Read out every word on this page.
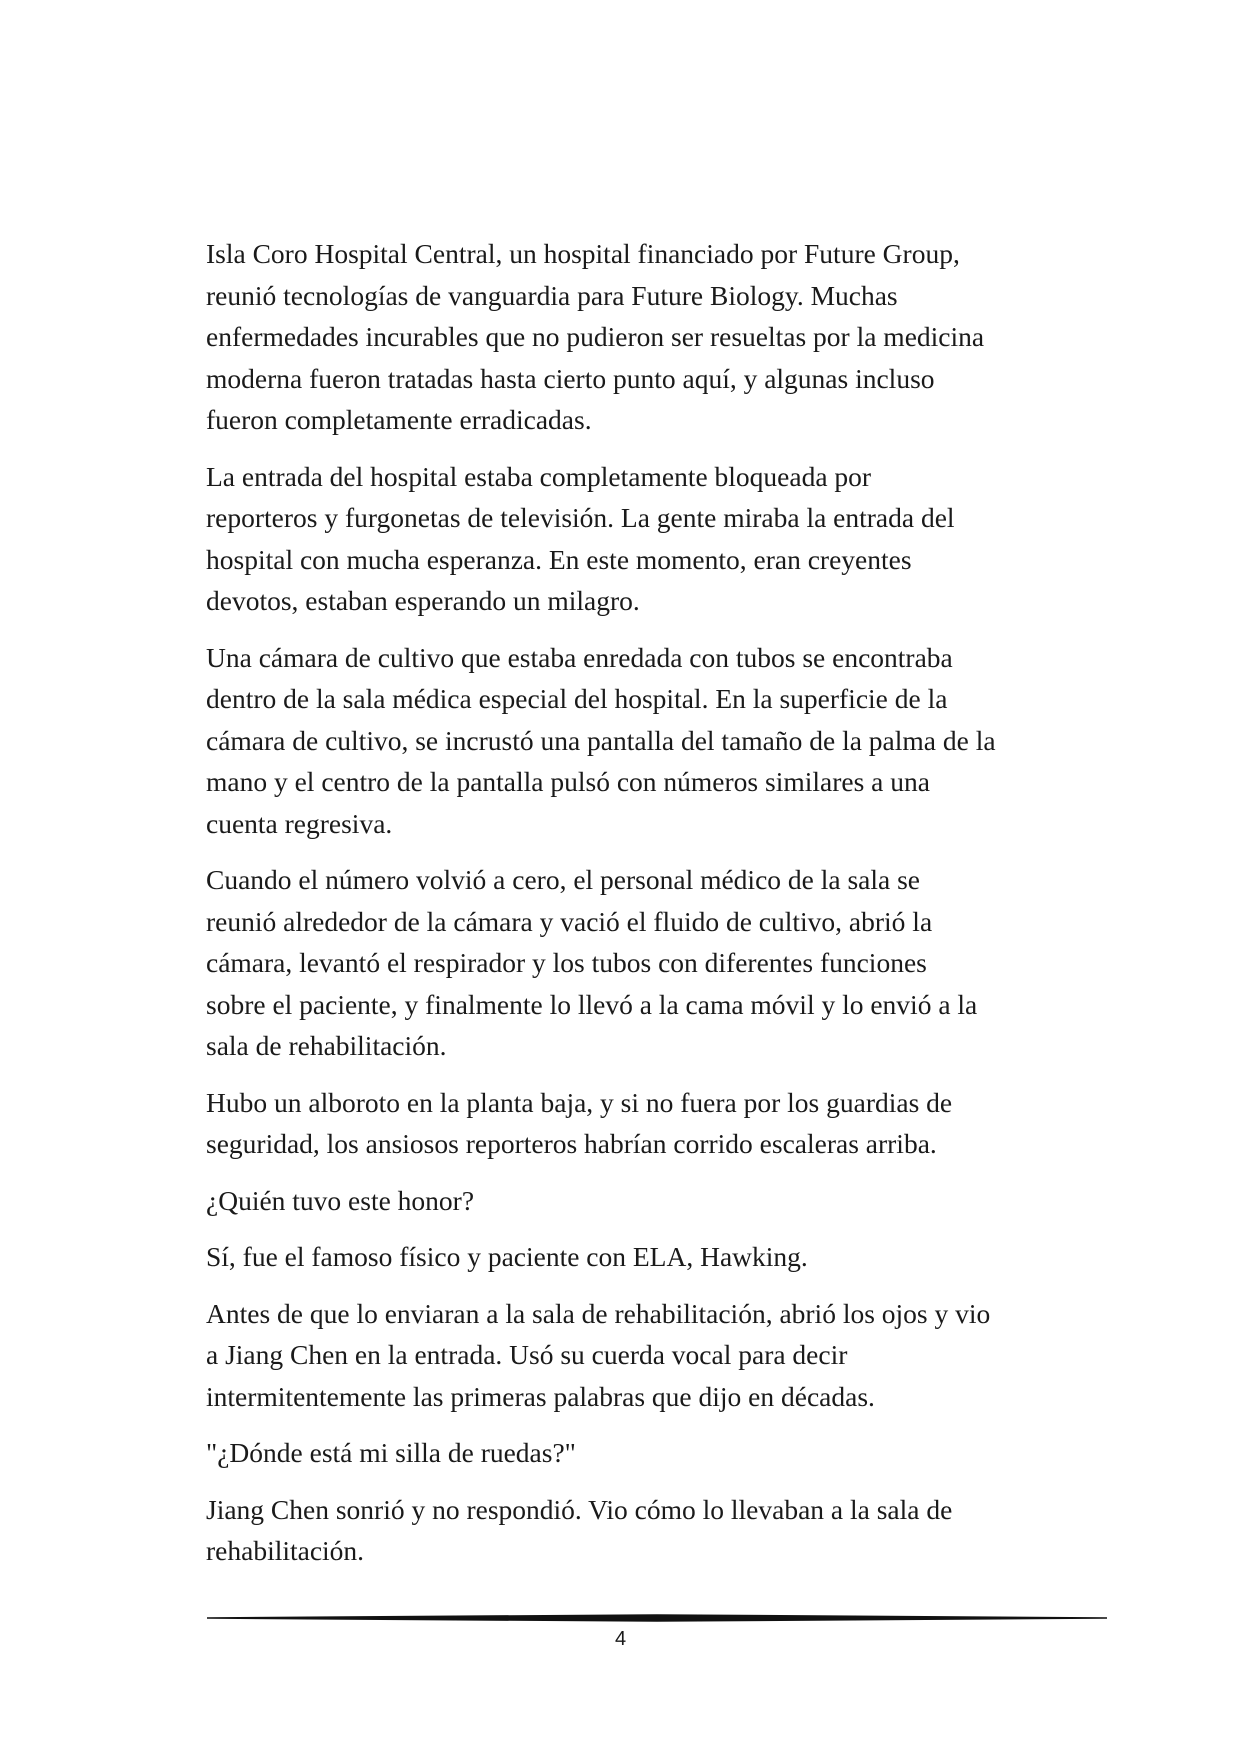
Isla Coro Hospital Central, un hospital financiado por Future Group,
reunió tecnologías de vanguardia para Future Biology. Muchas
enfermedades incurables que no pudieron ser resueltas por la medicina
moderna fueron tratadas hasta cierto punto aquí, y algunas incluso
fueron completamente erradicadas.

La entrada del hospital estaba completamente bloqueada por
reporteros y furgonetas de televisión. La gente miraba la entrada del
hospital con mucha esperanza. En este momento, eran creyentes
devotos, estaban esperando un milagro.

Una cámara de cultivo que estaba enredada con tubos se encontraba
dentro de la sala médica especial del hospital. En la superficie de la
cámara de cultivo, se incrustó una pantalla del tamaño de la palma de la
mano y el centro de la pantalla pulsó con números similares a una
cuenta regresiva.

Cuando el número volvió a cero, el personal médico de la sala se
reunió alrededor de la cámara y vació el fluido de cultivo, abrió la
cámara, levantó el respirador y los tubos con diferentes funciones
sobre el paciente, y finalmente lo llevó a la cama móvil y lo envió a la
sala de rehabilitación.

Hubo un alboroto en la planta baja, y si no fuera por los guardias de
seguridad, los ansiosos reporteros habrían corrido escaleras arriba.

¿Quién tuvo este honor?

Sí, fue el famoso físico y paciente con ELA, Hawking.

Antes de que lo enviaran a la sala de rehabilitación, abrió los ojos y vio
a Jiang Chen en la entrada. Usó su cuerda vocal para decir
intermitentemente las primeras palabras que dijo en décadas.

"¿Dónde está mi silla de ruedas?"

Jiang Chen sonrió y no respondió. Vio cómo lo llevaban a la sala de
rehabilitación.

4
